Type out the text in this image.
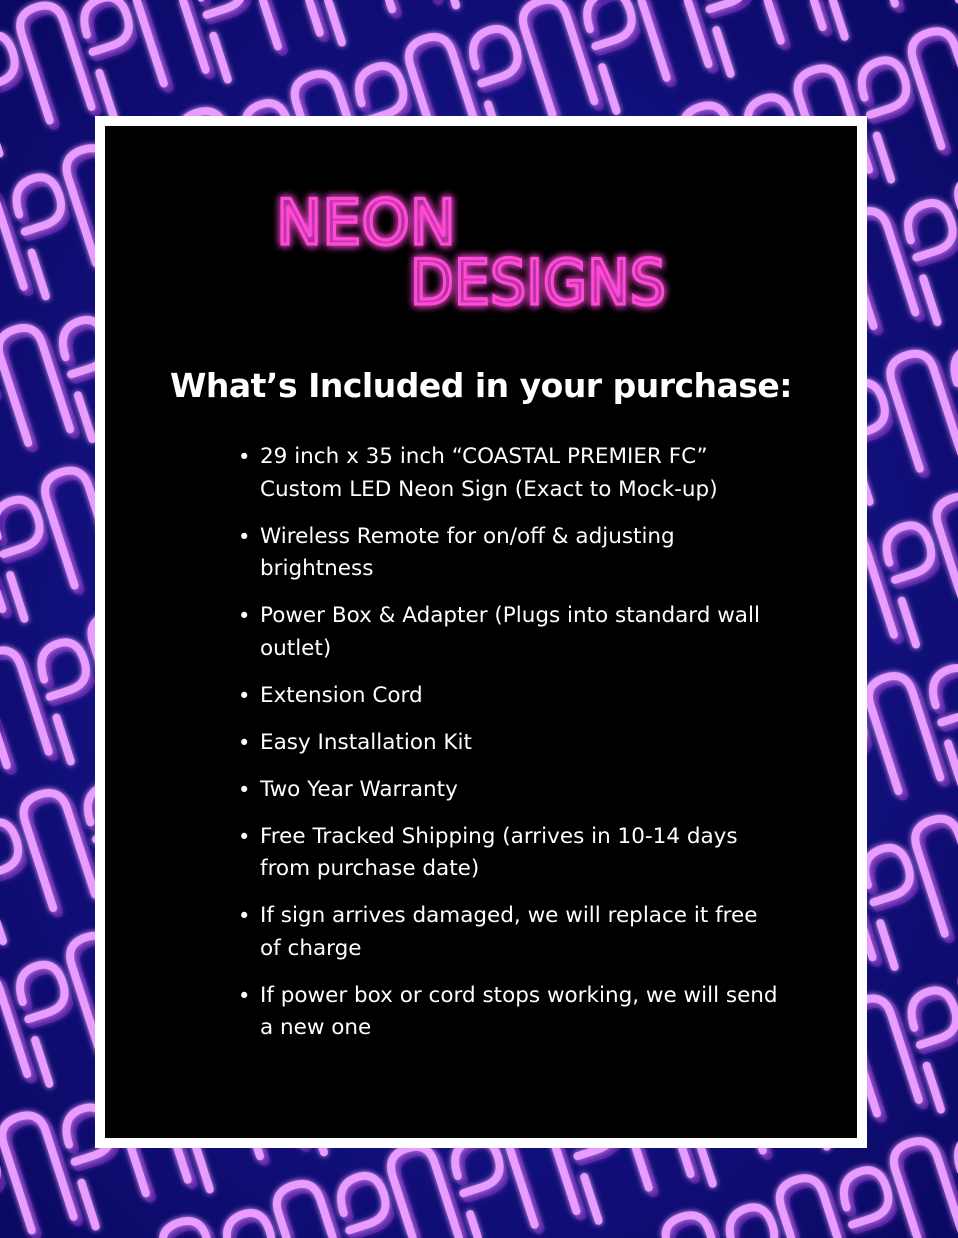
NEON
DESIGNS
What’s Included in your purchase:
• 29 inch x 35 inch “COASTAL PREMIER FC” Custom LED Neon Sign (Exact to Mock-up)
• Wireless Remote for on/off & adjusting brightness
• Power Box & Adapter (Plugs into standard wall outlet)
• Extension Cord
• Easy Installation Kit
• Two Year Warranty
• Free Tracked Shipping (arrives in 10-14 days from purchase date)
• If sign arrives damaged, we will replace it free of charge
• If power box or cord stops working, we will send a new one
